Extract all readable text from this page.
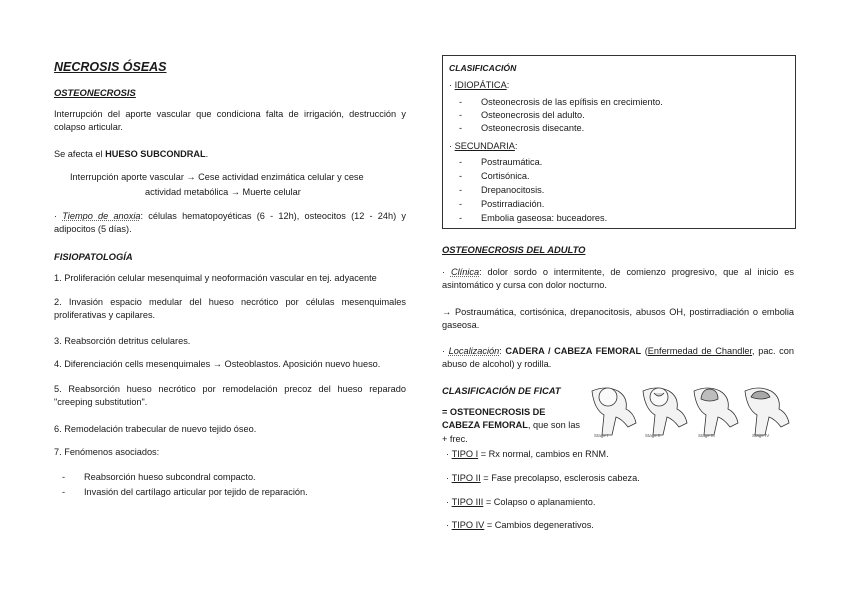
NECROSIS ÓSEAS
OSTEONECROSIS
Interrupción del aporte vascular que condiciona falta de irrigación, destrucción y colapso articular.
Se afecta el HUESO SUBCONDRAL.
Interrupción aporte vascular → Cese actividad enzimática celular y cese
actividad metabólica → Muerte celular
· Tiempo de anoxia: células hematopoyéticas (6 - 12h), osteocitos (12 - 24h) y adipocitos (5 días).
FISIOPATOLOGÍA
1. Proliferación celular mesenquimal y neoformación vascular en tej. adyacente
2. Invasión espacio medular del hueso necrótico por células mesenquimales proliferativas y capilares.
3. Reabsorción detritus celulares.
4. Diferenciación cells mesenquimales → Osteoblastos. Aposición nuevo hueso.
5. Reabsorción hueso necrótico por remodelación precoz del hueso reparado "creeping substitution".
6. Remodelación trabecular de nuevo tejido óseo.
7. Fenómenos asociados:
- Reabsorción hueso subcondral compacto.
- Invasión del cartílago articular por tejido de reparación.
CLASIFICACIÓN
· IDIOPÁTICA:
- Osteonecrosis de las epífisis en crecimiento.
- Osteonecrosis del adulto.
- Osteonecrosis disecante.
· SECUNDARIA:
- Postraumática.
- Cortisónica.
- Drepanocitosis.
- Postirradiación.
- Embolia gaseosa: buceadores.
OSTEONECROSIS DEL ADULTO
· Clínica: dolor sordo o intermitente, de comienzo progresivo, que al inicio es asintomático y cursa con dolor nocturno.
→ Postraumática, cortisónica, drepanocitosis, abusos OH, postirradiación o embolia gaseosa.
· Localización: CADERA / CABEZA FEMORAL (Enfermedad de Chandler, pac. con abuso de alcohol) y rodilla.
CLASIFICACIÓN DE FICAT
= OSTEONECROSIS DE CABEZA FEMORAL, que son las + frec.	Stage I	Stage II	Stage III	Stage IV
· TIPO I = Rx normal, cambios en RNM.
· TIPO II = Fase precolapso, esclerosis cabeza.
· TIPO III = Colapso o aplanamiento.
· TIPO IV = Cambios degenerativos.
